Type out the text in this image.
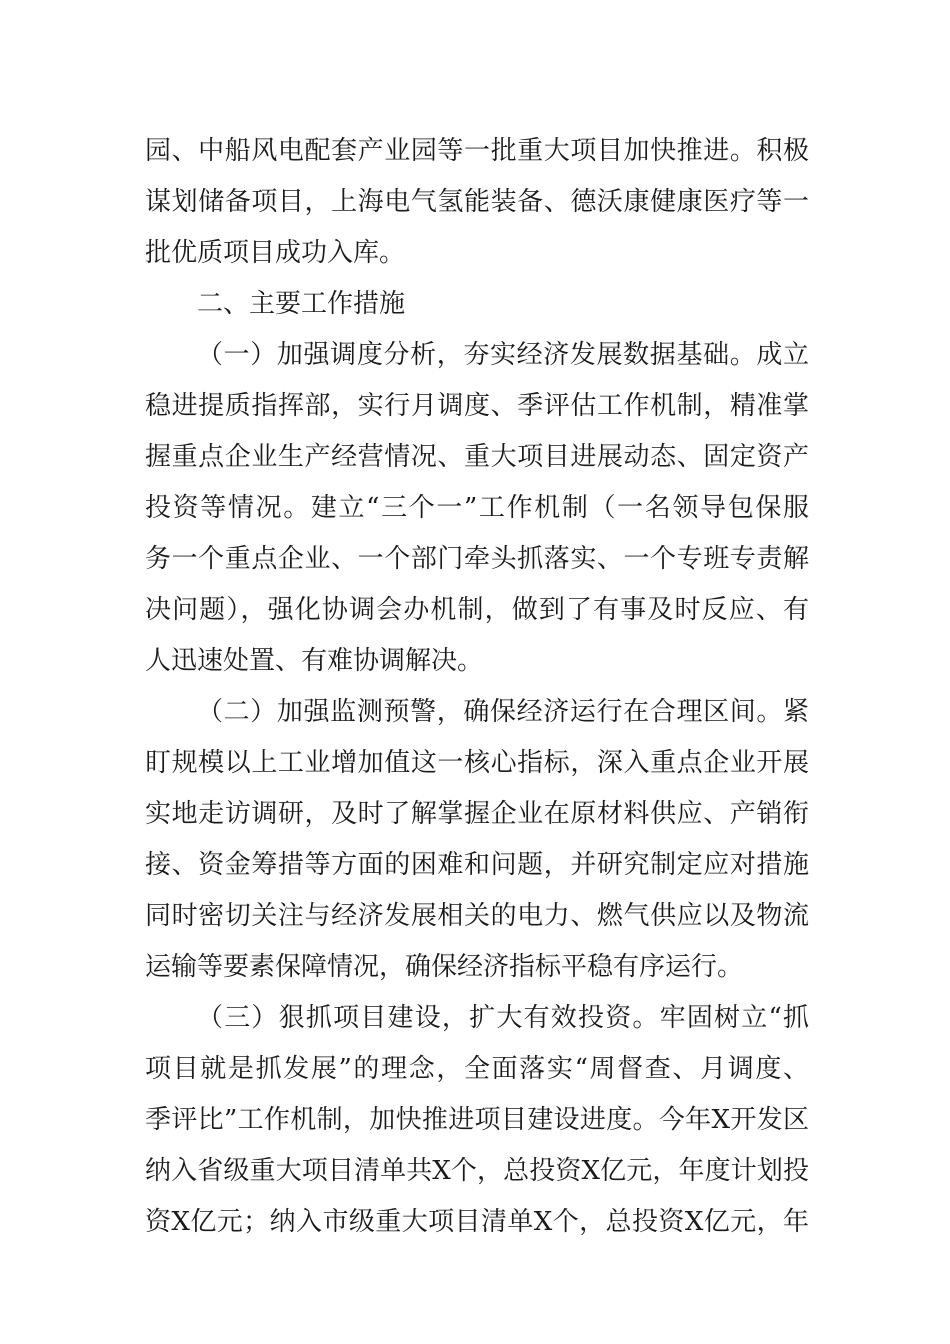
园、中船风电配套产业园等一批重大项目加快推进。积极
谋划储备项目，上海电气氢能装备、德沃康健康医疗等一
批优质项目成功入库。
二、主要工作措施
（一）加强调度分析，夯实经济发展数据基础。成立
稳进提质指挥部，实行月调度、季评估工作机制，精准掌
握重点企业生产经营情况、重大项目进展动态、固定资产
投资等情况。建立“三个一”工作机制（一名领导包保服
务一个重点企业、一个部门牵头抓落实、一个专班专责解
决问题），强化协调会办机制，做到了有事及时反应、有
人迅速处置、有难协调解决。
（二）加强监测预警，确保经济运行在合理区间。紧
盯规模以上工业增加值这一核心指标，深入重点企业开展
实地走访调研，及时了解掌握企业在原材料供应、产销衔
接、资金筹措等方面的困难和问题，并研究制定应对措施
同时密切关注与经济发展相关的电力、燃气供应以及物流
运输等要素保障情况，确保经济指标平稳有序运行。
（三）狠抓项目建设，扩大有效投资。牢固树立“抓
项目就是抓发展”的理念，全面落实“周督查、月调度、
季评比”工作机制，加快推进项目建设进度。今年X开发区
纳入省级重大项目清单共X个，总投资X亿元，年度计划投
资X亿元；纳入市级重大项目清单X个，总投资X亿元，年
